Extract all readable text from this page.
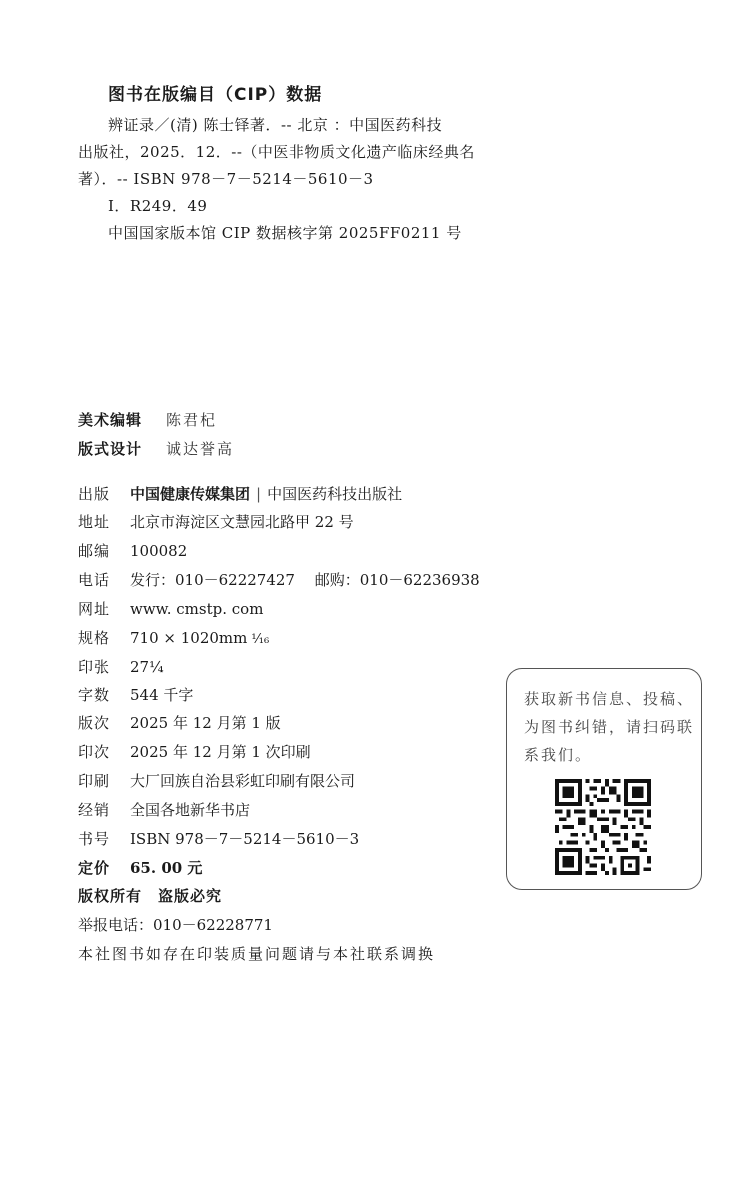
图书在版编目（CIP）数据
辨证录／(清) 陈士铎著．-- 北京 ：中国医药科技
出版社，2025．12．--（中医非物质文化遗产临床经典名
著）．-- ISBN 978－7－5214－5610－3
Ⅰ．R249．49
中国国家版本馆 CIP 数据核字第 2025FF0211 号
美术编辑	陈君杞
版式设计	诚达誉高
出版	中国健康传媒集团 | 中国医药科技出版社
地址	北京市海淀区文慧园北路甲 22 号
邮编	100082
电话	发行：010－62227427　 邮购：010－62236938
网址	www. cmstp. com
规格	710 × 1020mm ¹⁄₁₆
印张	27 ¼
字数	544 千字
版次	2025 年 12 月第 1 版
印次	2025 年 12 月第 1 次印刷
印刷	大厂回族自治县彩虹印刷有限公司
经销	全国各地新华书店
书号	ISBN 978－7－5214－5610－3
定价	65. 00 元
版权所有　盗版必究
举报电话：010－62228771
本社图书如存在印装质量问题请与本社联系调换
获取新书信息、投稿、为图书纠错，请扫码联系我们。
